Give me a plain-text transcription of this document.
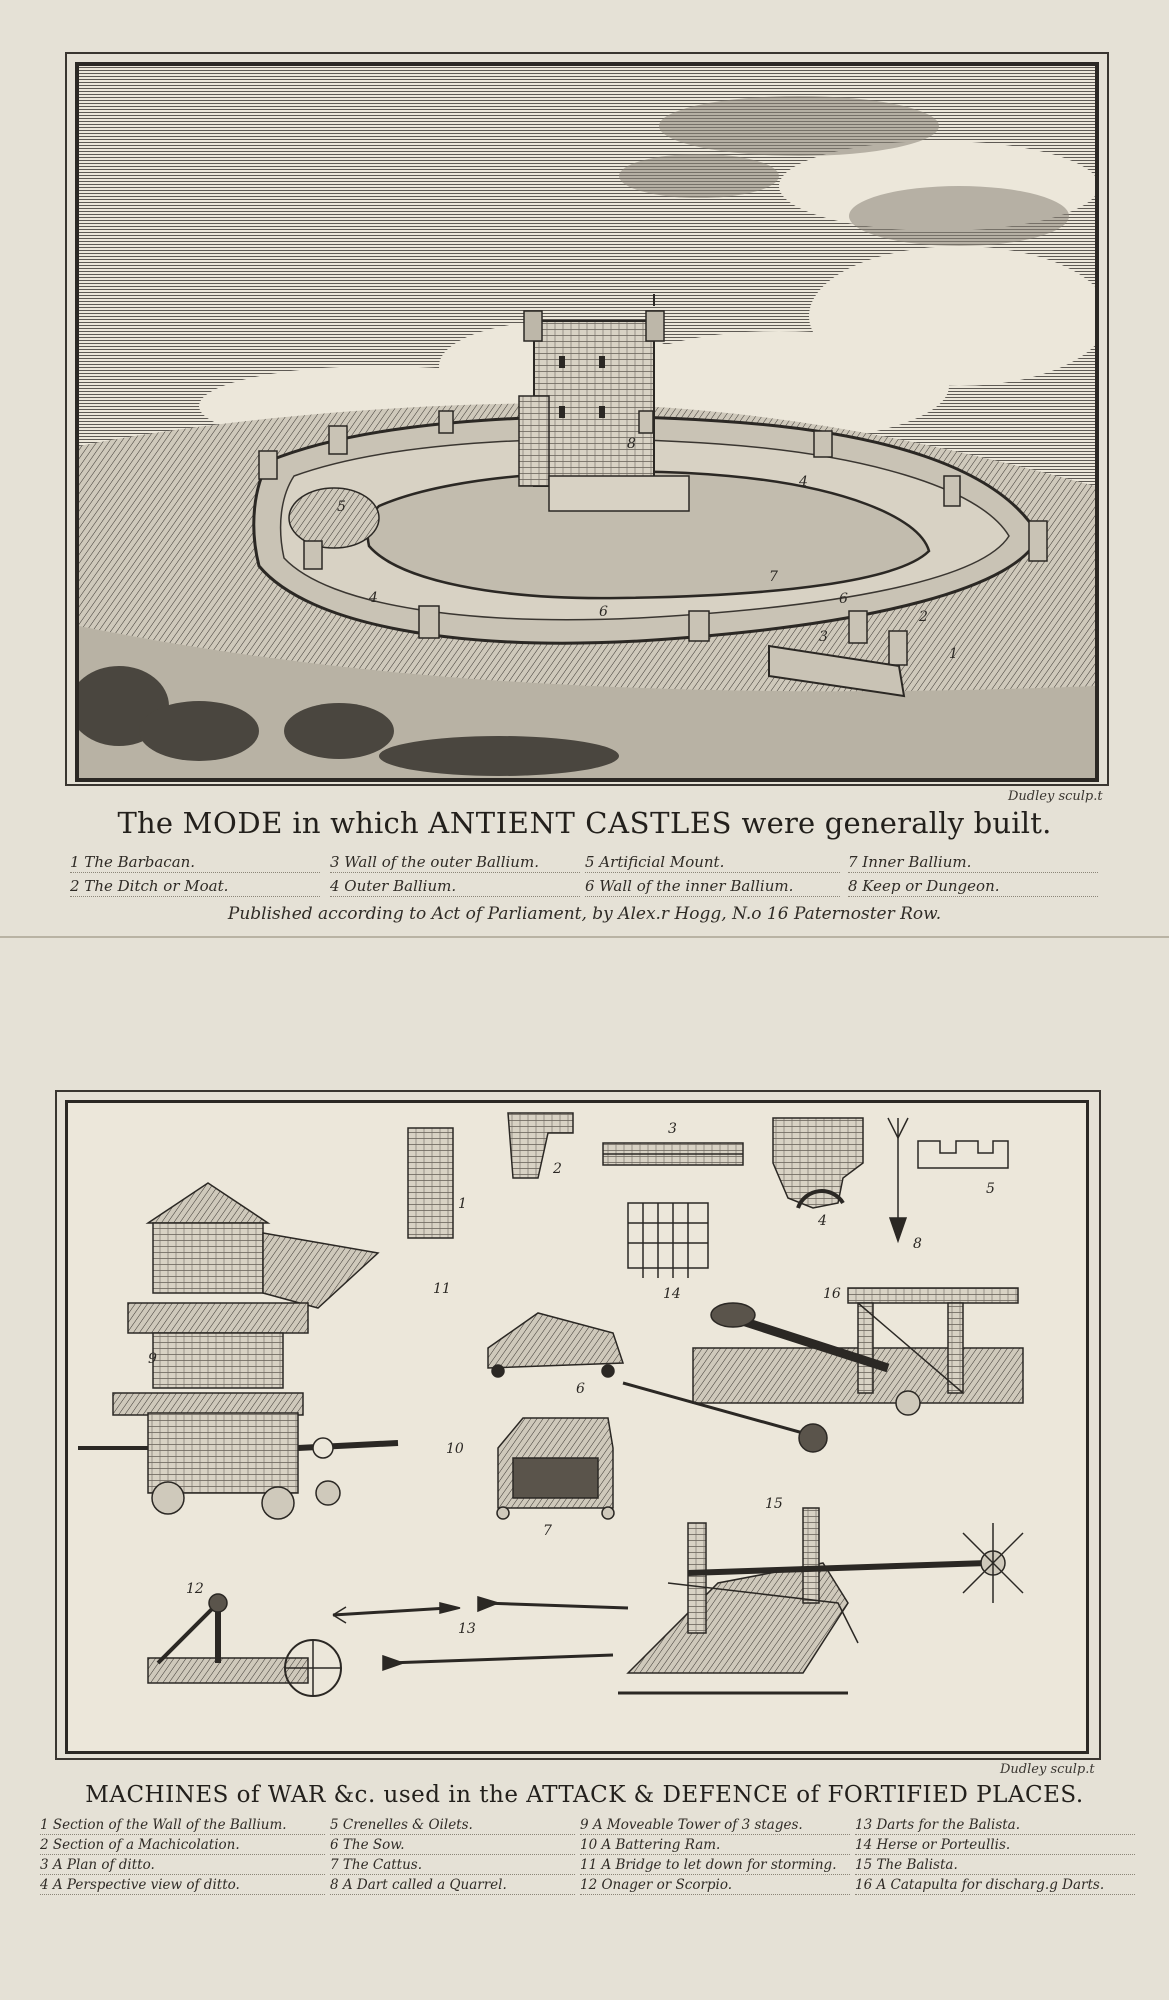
1
2
3
4
4
5
6
6
7
8
Dudley sculp.t
The MODE in which ANTIENT CASTLES were generally built.
1 The Barbacan.
2 The Ditch or Moat.
3 Wall of the outer Ballium.
4 Outer Ballium.
5 Artificial Mount.
6 Wall of the inner Ballium.
7 Inner Ballium.
8 Keep or Dungeon.
Published according to Act of Parliament, by Alex.r Hogg, N.o 16 Paternoster Row.
1
2
3
4
5
6
7
8
9
10
11
12
13
14
15
16
Dudley sculp.t
MACHINES of WAR &c. used in the ATTACK & DEFENCE of FORTIFIED PLACES.
1 Section of the Wall of the Ballium.
2 Section of a Machicolation.
3 A Plan of ditto.
4 A Perspective view of ditto.
5 Crenelles & Oilets.
6 The Sow.
7 The Cattus.
8 A Dart called a Quarrel.
9 A Moveable Tower of 3 stages.
10 A Battering Ram.
11 A Bridge to let down for storming.
12 Onager or Scorpio.
13 Darts for the Balista.
14 Herse or Porteullis.
15 The Balista.
16 A Catapulta for discharg.g Darts.
